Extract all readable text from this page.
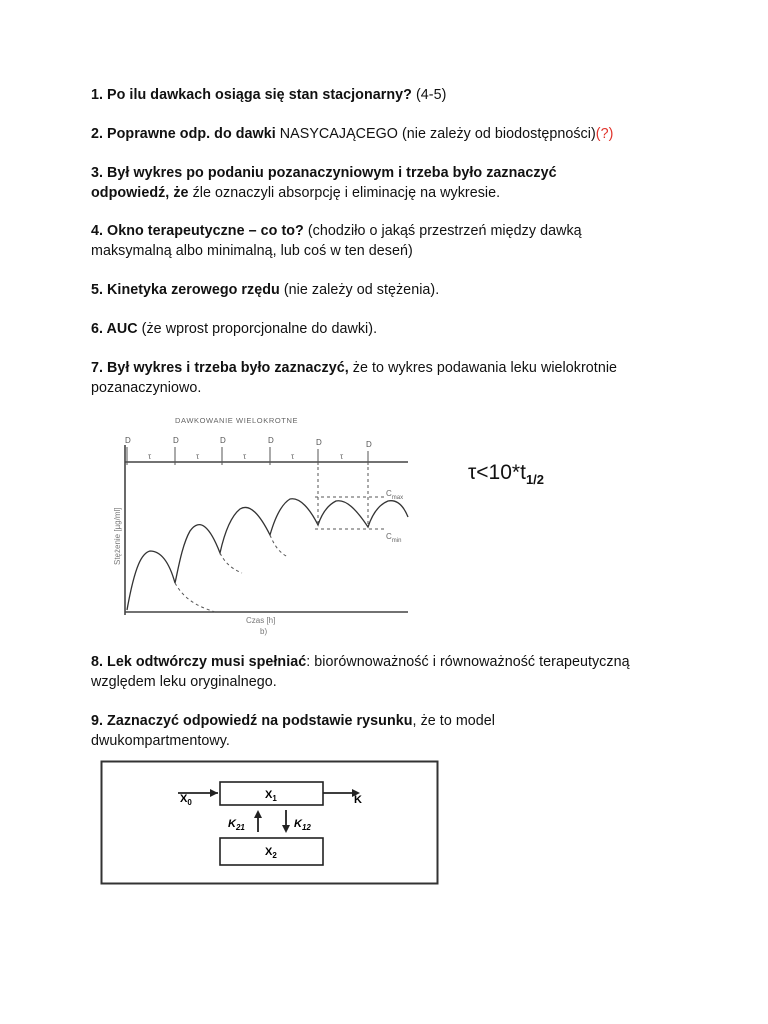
1. Po ilu dawkach osiąga się stan stacjonarny? (4-5)
2. Poprawne odp. do dawki NASYCAJĄCEGO (nie zależy od biodostępności)(?)
3. Był wykres po podaniu pozanaczyniowym i trzeba było zaznaczyć odpowiedź, że źle oznaczyli absorpcję i eliminację na wykresie.
4. Okno terapeutyczne – co to? (chodziło o jakąś przestrzeń między dawką maksymalną albo minimalną, lub coś w ten deseń)
5. Kinetyka zerowego rzędu (nie zależy od stężenia).
6. AUC (że wprost proporcjonalne do dawki).
7. Był wykres i trzeba było zaznaczyć, że to wykres podawania leku wielokrotnie pozanaczyniowo.
DAWKOWANIE WIELOKROTNE
D	D	D	D	D	D
τ	τ	τ	τ	τ
$C_{max}$
$C_{min}$
Stężenie [µg/ml]
Czas [h]
b)
$\tau<10*t_{1/2}$
8. Lek odtwórczy musi spełniać: biorównoważność i równoważność terapeutyczną względem leku oryginalnego.
9. Zaznaczyć odpowiedź na podstawie rysunku, że to model dwukompartmentowy.
$X_1$
$X_2$
$X_0$	K
$K_{21}$	$K_{12}$
